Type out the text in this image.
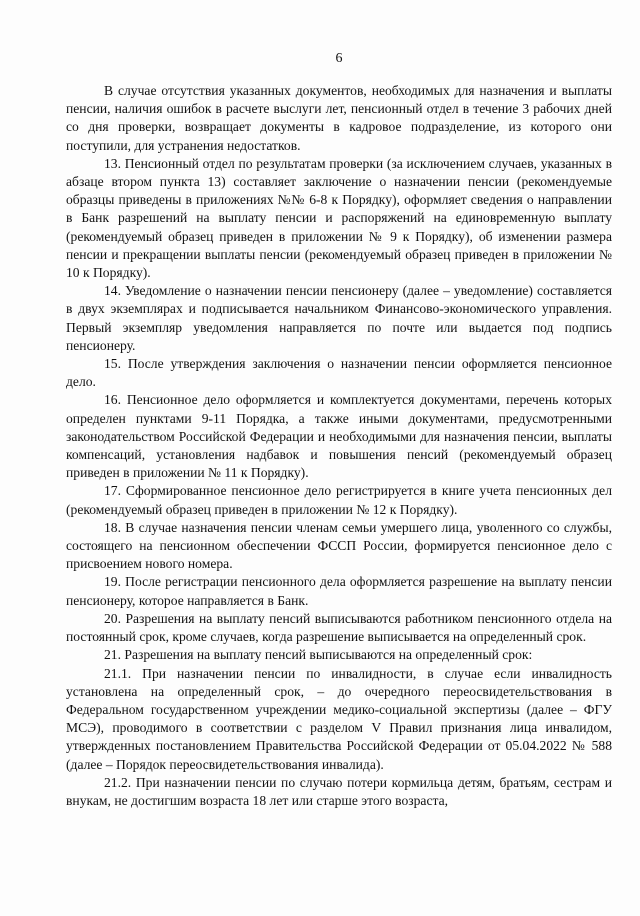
6

В случае отсутствия указанных документов, необходимых для назначения и выплаты пенсии, наличия ошибок в расчете выслуги лет, пенсионный отдел в течение 3 рабочих дней со дня проверки, возвращает документы в кадровое подразделение, из которого они поступили, для устранения недостатков.

13. Пенсионный отдел по результатам проверки (за исключением случаев, указанных в абзаце втором пункта 13) составляет заключение о назначении пенсии (рекомендуемые образцы приведены в приложениях №№ 6-8 к Порядку), оформляет сведения о направлении в Банк разрешений на выплату пенсии и распоряжений на единовременную выплату (рекомендуемый образец приведен в приложении № 9 к Порядку), об изменении размера пенсии и прекращении выплаты пенсии (рекомендуемый образец приведен в приложении № 10 к Порядку).

14. Уведомление о назначении пенсии пенсионеру (далее – уведомление) составляется в двух экземплярах и подписывается начальником Финансово-экономического управления. Первый экземпляр уведомления направляется по почте или выдается под подпись пенсионеру.

15. После утверждения заключения о назначении пенсии оформляется пенсионное дело.

16. Пенсионное дело оформляется и комплектуется документами, перечень которых определен пунктами 9-11 Порядка, а также иными документами, предусмотренными законодательством Российской Федерации и необходимыми для назначения пенсии, выплаты компенсаций, установления надбавок и повышения пенсий (рекомендуемый образец приведен в приложении № 11 к Порядку).

17. Сформированное пенсионное дело регистрируется в книге учета пенсионных дел (рекомендуемый образец приведен в приложении № 12 к Порядку).

18. В случае назначения пенсии членам семьи умершего лица, уволенного со службы, состоящего на пенсионном обеспечении ФССП России, формируется пенсионное дело с присвоением нового номера.

19. После регистрации пенсионного дела оформляется разрешение на выплату пенсии пенсионеру, которое направляется в Банк.

20. Разрешения на выплату пенсий выписываются работником пенсионного отдела на постоянный срок, кроме случаев, когда разрешение выписывается на определенный срок.

21. Разрешения на выплату пенсий выписываются на определенный срок:

21.1. При назначении пенсии по инвалидности, в случае если инвалидность установлена на определенный срок, – до очередного переосвидетельствования в Федеральном государственном учреждении медико-социальной экспертизы (далее – ФГУ МСЭ), проводимого в соответствии с разделом V Правил признания лица инвалидом, утвержденных постановлением Правительства Российской Федерации от 05.04.2022 № 588 (далее – Порядок переосвидетельствования инвалида).

21.2. При назначении пенсии по случаю потери кормильца детям, братьям, сестрам и внукам, не достигшим возраста 18 лет или старше этого возраста,
